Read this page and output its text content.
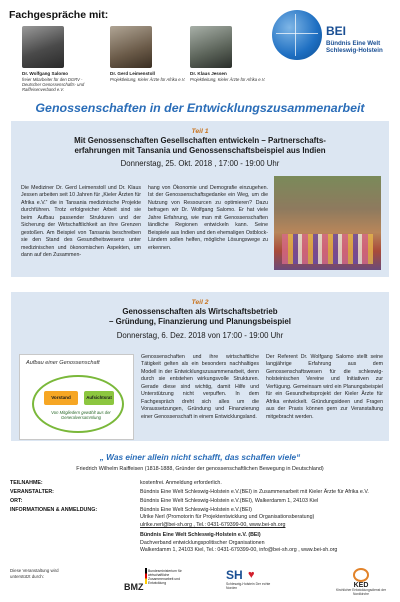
Fachgespräche mit:
Dr. Wolfgang Salomo
freier Mitarbeiter für den DGRV - Deutscher Genossenschafts- und Raiffeisenverband e.V.
Dr. Gerd Leimenstoll
Projektleitung, Kieler Ärzte für Afrika e.V.
Dr. Klaus Jessen
Projektleitung, Kieler Ärzte für Afrika e.V.
BEI
Bündnis Eine Welt
Schleswig-Holstein
Genossenschaften in der Entwicklungszusammenarbeit
Teil 1
Mit Genossenschaften Gesellschaften entwickeln – Partnerschafts-
erfahrungen mit Tansania und Genossenschaftsbeispiel aus Indien
Donnerstag, 25. Okt. 2018 , 17:00 - 19:00 Uhr
Die Mediziner Dr. Gerd Leimenstoll und Dr. Klaus Jessen arbeiten seit 10 Jahren für „Kieler Ärzten für Afrika e.V.“ die in Tansania medizinische Projekte durchführen. Trotz erfolgreicher Arbeit sind sie beim Aufbau passender Strukturen und der Sicherung der Wirtschaftlichkeit an ihre Grenzen gestoßen. Am Beispiel von Tansania beschreiben sie den Stand des Gesundheitswesens unter medizinischen und ökonomischen Aspekten, um dann auf den Zusammen-
hang von Ökonomie und Demografie einzugehen. Ist der Genossenschaftsgedanke ein Weg, um die Nutzung von Ressourcen zu optimieren? Dazu befragen wir Dr. Wolfgang Salomo. Er hat viele Jahre Erfahrung, wie man mit Genossenschaften ländliche Regionen entwickeln kann. Seine Beispiele aus Indien und den ehemaligen Ostblock-Ländern sollen helfen, mögliche Lösungswege zu erkennen.
Teil 2
Genossenschaften als Wirtschaftsbetrieb
– Gründung, Finanzierung und Planungsbeispiel
Donnerstag, 6. Dez. 2018 von 17:00 - 19:00 Uhr
Aufbau einer Genossenschaft
Vorstand	Aufsichtsrat
Von Mitgliedern gewählt aus der Generalversammlung
Genossenschaften und ihre wirtschaftliche Tätigkeit gelten als ein besonders nachhaltiges Modell in der Entwicklungszusammenarbeit, denn durch sie entstehen wirkungsvolle Strukturen. Gerade diese sind wichtig, damit Hilfe und Unterstützung nicht verpuffen. In dem Fachgespräch dreht sich alles um die Voraussetzungen, Gründung und Finanzierung einer Genossenschaft in einem Entwicklungsland.
Der Referent Dr. Wolfgang Salomo stellt seine langjährige Erfahrung aus dem Genossenschaftswesen für die schleswig-holsteinischen Vereine und Initiativen zur Verfügung. Gemeinsam wird ein Planungsbeispiel für ein Gesundheitsprojekt der Kieler Ärzte für Afrika entwickelt. Gründungsideen und Fragen aus der Praxis können gern zur Veranstaltung mitgebracht werden.
„ Was einer allein nicht schafft, das schaffen viele“
Friedrich Wilhelm Raiffeisen (1818-1888, Gründer der genossenschaftlichen Bewegung in Deutschland)
TEILNAHME:	kostenfrei. Anmeldung erforderlich.
VERANSTALTER:	Bündnis Eine Welt Schleswig-Holstein e.V.(BEI) in Zusammenarbeit mit Kieler Ärzte für Afrika e.V.
ORT:	Bündnis Eine Welt Schleswig-Holstein e.V.(BEI), Walkerdamm 1, 24103 Kiel
INFORMATIONEN & ANMELDUNG:	Bündnis Eine Welt Schleswig-Holstein e.V.(BEI)
Ulrike Nerl (Promotorin für Projektentwicklung und Organisationsberatung)
ulrike.nerl@bei-sh.org , Tel.: 0431-679399-00, www.bei-sh.org
Bündnis Eine Welt Schleswig-Holstein e.V. (BEI)
Dachverband entwicklungspolitischer Organisationen
Walkerdamm 1, 24103 Kiel, Tel.: 0431-679399-00, info@bei-sh.org , www.bei-sh.org
Diese Veranstaltung wird unterstützt durch:
BMZ
Bundesministerium für wirtschaftliche Zusammenarbeit und Entwicklung
SH ♥
Schleswig-Holstein Der echte Norden	KED
Kirchlicher Entwicklungsdienst der Nordkirche
